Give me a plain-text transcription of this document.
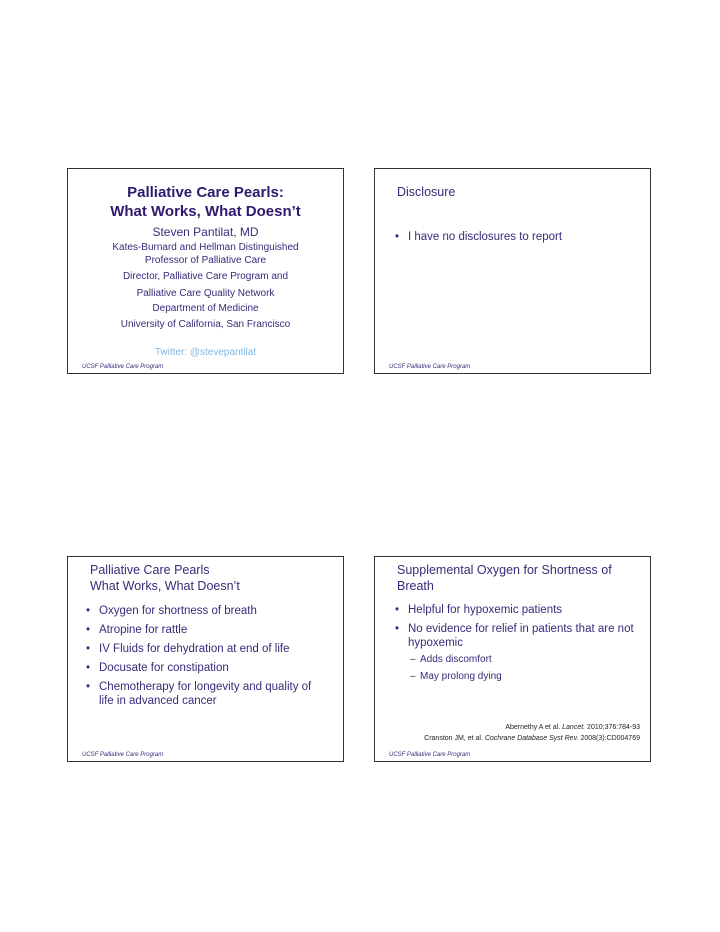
Palliative Care Pearls:
What Works, What Doesn’t
Steven Pantilat, MD
Kates-Burnard and Hellman Distinguished
Professor of Palliative Care
Director, Palliative Care Program and
Palliative Care Quality Network
Department of Medicine
University of California, San Francisco
Twitter: @stevepantilat
UCSF Palliative Care Program
Disclosure
• I have no disclosures to report
UCSF Palliative Care Program
Palliative Care Pearls
What Works, What Doesn’t
• Oxygen for shortness of breath
• Atropine for rattle
• IV Fluids for dehydration at end of life
• Docusate for constipation
• Chemotherapy for longevity and quality of life in advanced cancer
UCSF Palliative Care Program
Supplemental Oxygen for Shortness of
Breath
• Helpful for hypoxemic patients
• No evidence for relief in patients that are not hypoxemic
– Adds discomfort
– May prolong dying
Abernethy A et al. Lancet. 2010;376:784-93
Cranston JM, et al. Cochrane Database Syst Rev. 2008(3):CD004769
UCSF Palliative Care Program
